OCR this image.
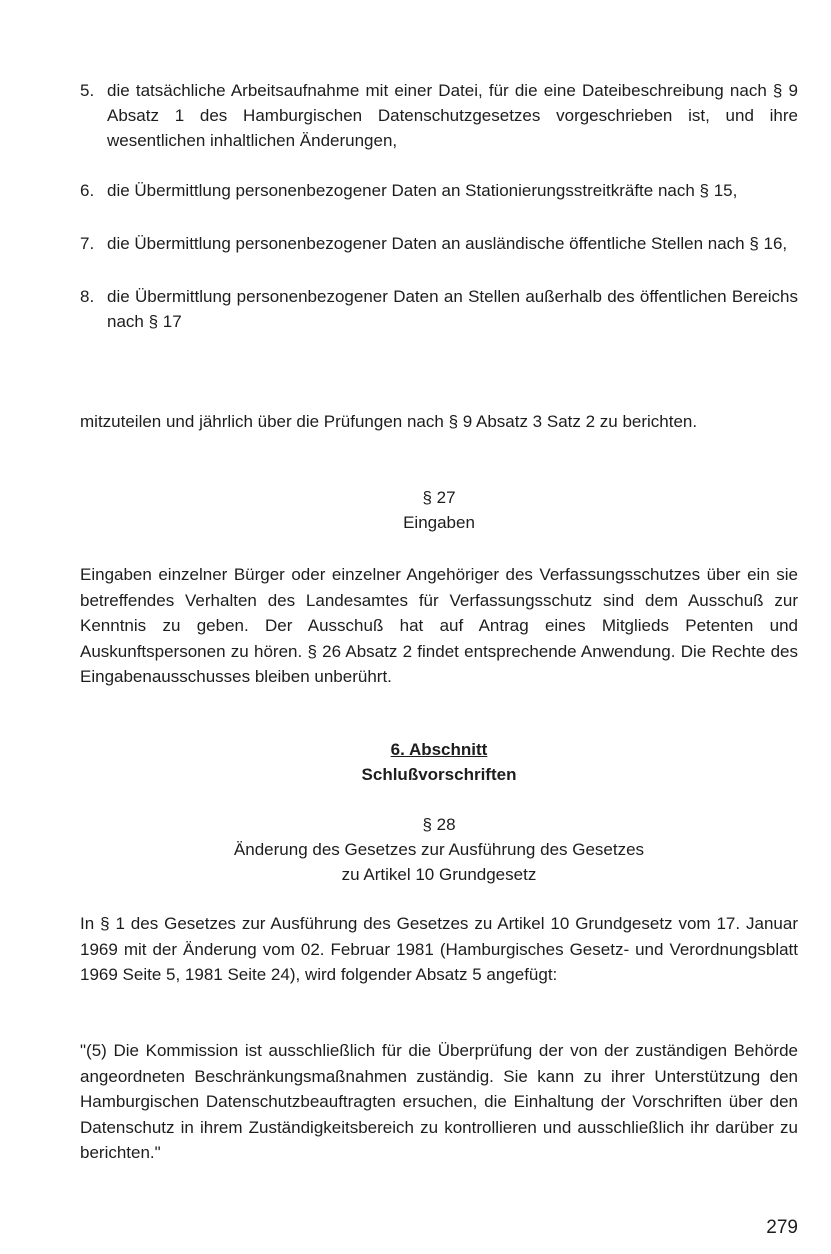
5. die tatsächliche Arbeitsaufnahme mit einer Datei, für die eine Dateibeschreibung nach § 9 Absatz 1 des Hamburgischen Datenschutzgesetzes vorgeschrieben ist, und ihre wesentlichen inhaltlichen Änderungen,
6. die Übermittlung personenbezogener Daten an Stationierungsstreitkräfte nach § 15,
7. die Übermittlung personenbezogener Daten an ausländische öffentliche Stellen nach § 16,
8. die Übermittlung personenbezogener Daten an Stellen außerhalb des öffentlichen Bereichs nach § 17
mitzuteilen und jährlich über die Prüfungen nach § 9 Absatz 3 Satz 2 zu berichten.
§ 27
Eingaben
Eingaben einzelner Bürger oder einzelner Angehöriger des Verfassungsschutzes über ein sie betreffendes Verhalten des Landesamtes für Verfassungsschutz sind dem Ausschuß zur Kenntnis zu geben. Der Ausschuß hat auf Antrag eines Mitglieds Petenten und Auskunftspersonen zu hören. § 26 Absatz 2 findet entsprechende Anwendung. Die Rechte des Eingabenausschusses bleiben unberührt.
6. Abschnitt
Schlußvorschriften
§ 28
Änderung des Gesetzes zur Ausführung des Gesetzes
zu Artikel 10 Grundgesetz
In § 1 des Gesetzes zur Ausführung des Gesetzes zu Artikel 10 Grundgesetz vom 17. Januar 1969 mit der Änderung vom 02. Februar 1981 (Hamburgisches Gesetz- und Verordnungsblatt 1969 Seite 5, 1981 Seite 24), wird folgender Absatz 5 angefügt:
"(5) Die Kommission ist ausschließlich für die Überprüfung der von der zuständigen Behörde angeordneten Beschränkungsmaßnahmen zuständig. Sie kann zu ihrer Unterstützung den Hamburgischen Datenschutzbeauftragten ersuchen, die Einhaltung der Vorschriften über den Datenschutz in ihrem Zuständigkeitsbereich zu kontrollieren und ausschließlich ihr darüber zu berichten."
279
